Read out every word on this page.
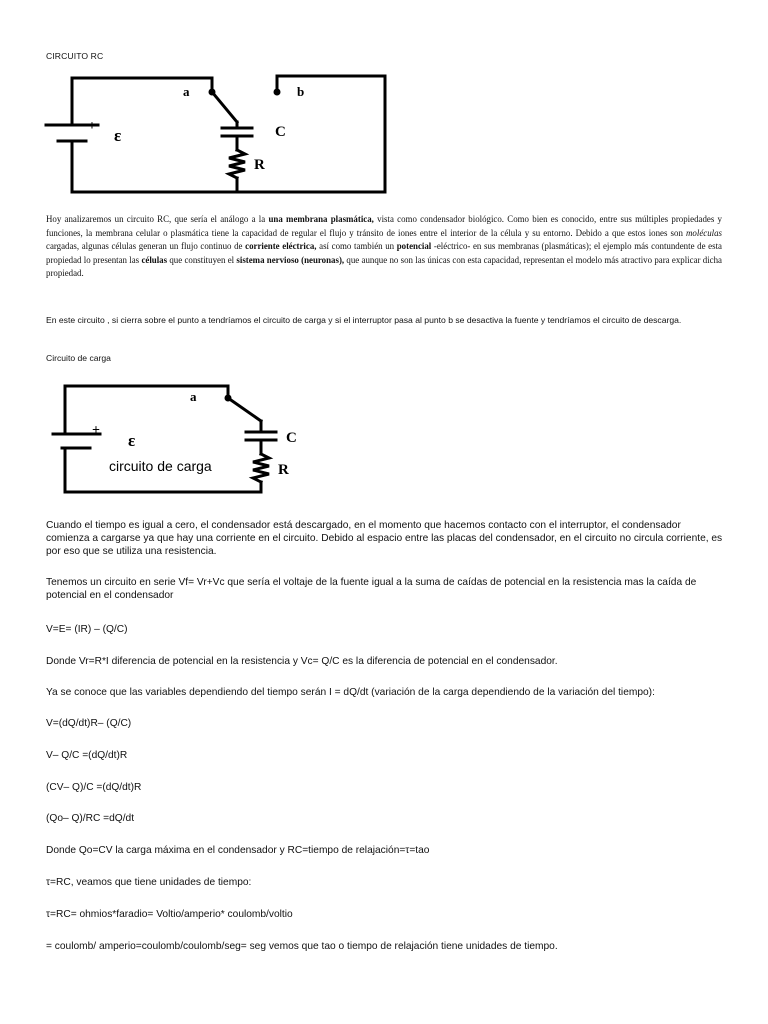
CIRCUITO RC
a	b
+ ε	C
R
Hoy analizaremos un circuito RC, que sería el análogo a la una membrana plasmática, vista como condensador biológico. Como bien es conocido, entre sus múltiples propiedades y funciones, la membrana celular o plasmática tiene la capacidad de regular el flujo y tránsito de iones entre el interior de la célula y su entorno. Debido a que estos iones son moléculas cargadas, algunas células generan un flujo continuo de corriente eléctrica, así como también un potencial -eléctrico- en sus membranas (plasmáticas); el ejemplo más contundente de esta propiedad lo presentan las células que constituyen el sistema nervioso (neuronas), que aunque no son las únicas con esta capacidad, representan el modelo más atractivo para explicar dicha propiedad.
En este circuito , si cierra sobre el punto a tendríamos el circuito de carga y si el interruptor pasa al punto b se desactiva la fuente y tendríamos el circuito de descarga.
Circuito de carga
a
+
ε	C
R
circuito de carga
Cuando el tiempo es igual a cero, el condensador está descargado, en el momento que hacemos contacto con el interruptor, el condensador comienza a cargarse ya que hay una corriente en el circuito. Debido al espacio entre las placas del condensador, en el circuito no circula corriente, es por eso que se utiliza una resistencia.
Tenemos un circuito en serie Vf= Vr+Vc que sería el voltaje de la fuente igual a la suma de caídas de potencial en la resistencia mas la caída de potencial en el condensador
V=E= (IR) – (Q/C)
Donde Vr=R*I diferencia de potencial en la resistencia y Vc= Q/C es la diferencia de potencial en el condensador.
Ya se conoce que las variables dependiendo del tiempo serán I = dQ/dt (variación de la carga dependiendo de la variación del tiempo):
V=(dQ/dt)R– (Q/C)
V– Q/C =(dQ/dt)R
(CV– Q)/C =(dQ/dt)R
(Qo– Q)/RC =dQ/dt
Donde Qo=CV la carga máxima en el condensador y RC=tiempo de relajación=τ=tao
τ=RC, veamos que tiene unidades de tiempo:
τ=RC= ohmios*faradio= Voltio/amperio* coulomb/voltio
= coulomb/ amperio=coulomb/coulomb/seg= seg vemos que tao o tiempo de relajación tiene unidades de tiempo.
